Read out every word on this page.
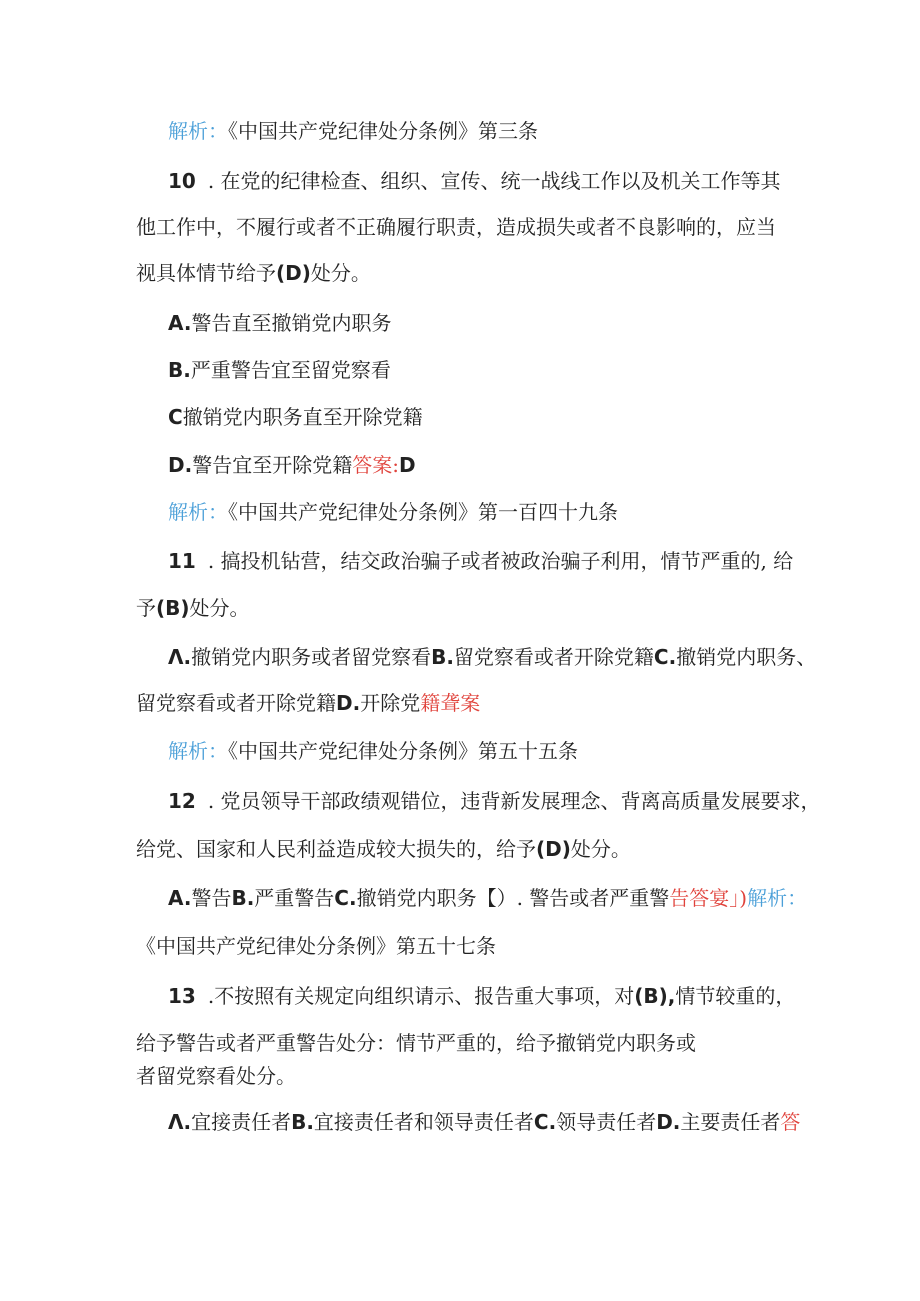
解析：《中国共产党纪律处分条例》第三条
10 . 在党的纪律检查、组织、宣传、统一战线工作以及机关工作等其
他工作中，不履行或者不正确履行职责，造成损失或者不良影响的，应当
视具体情节给予(D)处分。
A.警告直至撤销党内职务
B.严重警告宜至留党察看
C撤销党内职务直至开除党籍
D.警告宜至开除党籍答案:D
解析：《中国共产党纪律处分条例》第一百四十九条
11 . 搞投机钻营，结交政治骗子或者被政治骗子利用，情节严重的, 给
予(B)处分。
Λ.撤销党内职务或者留党察看B.留党察看或者开除党籍C.撤销党内职务、
留党察看或者开除党籍D.开除党籍聋案
解析：《中国共产党纪律处分条例》第五十五条
12 . 党员领导干部政绩观错位，违背新发展理念、背离高质量发展要求，
给党、国家和人民利益造成较大损失的，给予(D)处分。
A.警告B.严重警告C.撤销党内职务【）. 警告或者严重警告答宴」)解析：
《中国共产党纪律处分条例》第五十七条
13 .不按照有关规定向组织请示、报告重大事项，对(B),情节较重的，
给予警告或者严重警告处分：情节严重的，给予撤销党内职务或
者留党察看处分。
Λ.宜接责任者B.宜接责任者和领导责任者C.领导责任者D.主要责任者答
